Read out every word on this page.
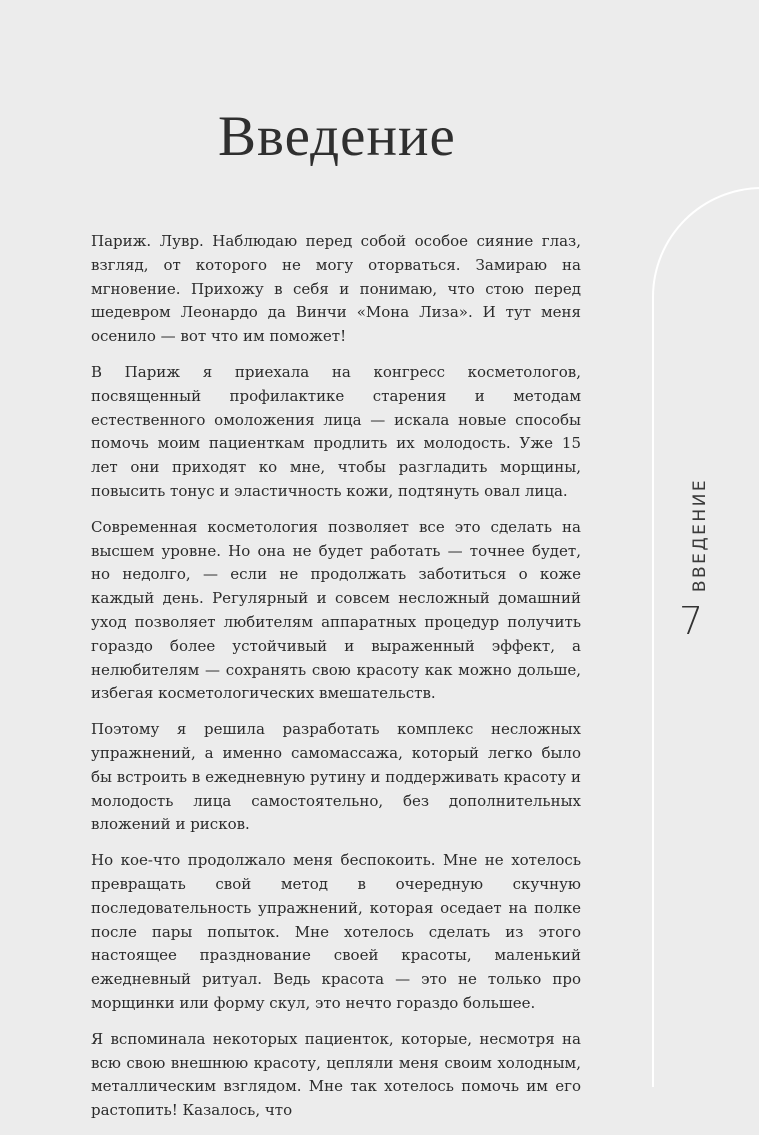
Введение

Париж. Лувр. Наблюдаю перед собой особое сияние глаз, взгляд, от которого не могу оторваться. Замираю на мгновение. Прихожу в себя и понимаю, что стою перед шедевром Леонардо да Винчи «Мона Лиза». И тут меня осенило — вот что им поможет!

В Париж я приехала на конгресс косметологов, посвященный профилактике старения и методам естественного омоложения лица — искала новые способы помочь моим пациенткам продлить их молодость. Уже 15 лет они приходят ко мне, чтобы разгладить морщины, повысить тонус и эластичность кожи, подтянуть овал лица.

Современная косметология позволяет все это сделать на высшем уровне. Но она не будет работать — точнее будет, но недолго, — если не продолжать заботиться о коже каждый день. Регулярный и совсем несложный домашний уход позволяет любителям аппаратных процедур получить гораздо более устойчивый и выраженный эффект, а нелюбителям — сохранять свою красоту как можно дольше, избегая косметологических вмешательств.

Поэтому я решила разработать комплекс несложных упражнений, а именно самомассажа, который легко было бы встроить в ежедневную рутину и поддерживать красоту и молодость лица самостоятельно, без дополнительных вложений и рисков.

Но кое-что продолжало меня беспокоить. Мне не хотелось превращать свой метод в очередную скучную последовательность упражнений, которая оседает на полке после пары попыток. Мне хотелось сделать из этого настоящее празднование своей красоты, маленький ежедневный ритуал. Ведь красота — это не только про морщинки или форму скул, это нечто гораздо большее.

Я вспоминала некоторых пациенток, которые, несмотря на всю свою внешнюю красоту, цепляли меня своим холодным, металлическим взглядом. Мне так хотелось помочь им его растопить! Казалось, что

ВВЕДЕНИЕ
7
